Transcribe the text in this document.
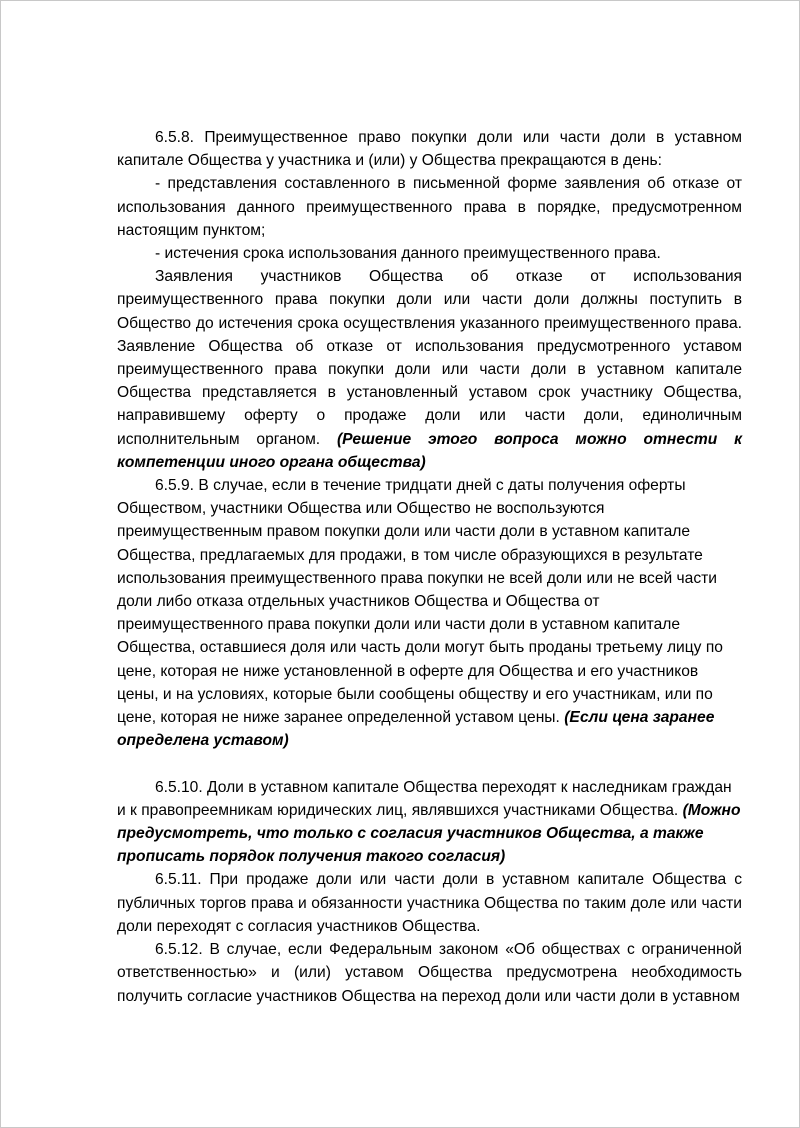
6.5.8. Преимущественное право покупки доли или части доли в уставном капитале Общества у участника и (или) у Общества прекращаются в день:

- представления составленного в письменной форме заявления об отказе от использования данного преимущественного права в порядке, предусмотренном настоящим пунктом;

- истечения срока использования данного преимущественного права.

Заявления участников Общества об отказе от использования преимущественного права покупки доли или части доли должны поступить в Общество до истечения срока осуществления указанного преимущественного права. Заявление Общества об отказе от использования предусмотренного уставом преимущественного права покупки доли или части доли в уставном капитале Общества представляется в установленный уставом срок участнику Общества, направившему оферту о продаже доли или части доли, единоличным исполнительным органом. (Решение этого вопроса можно отнести к компетенции иного органа общества)

6.5.9. В случае, если в течение тридцати дней с даты получения оферты Обществом, участники Общества или Общество не воспользуются преимущественным правом покупки доли или части доли в уставном капитале Общества, предлагаемых для продажи, в том числе образующихся в результате использования преимущественного права покупки не всей доли или не всей части доли либо отказа отдельных участников Общества и Общества от преимущественного права покупки доли или части доли в уставном капитале Общества, оставшиеся доля или часть доли могут быть проданы третьему лицу по цене, которая не ниже установленной в оферте для Общества и его участников цены, и на условиях, которые были сообщены обществу и его участникам, или по цене, которая не ниже заранее определенной уставом цены. (Если цена заранее определена уставом)

6.5.10. Доли в уставном капитале Общества переходят к наследникам граждан и к правопреемникам юридических лиц, являвшихся участниками Общества. (Можно предусмотреть, что только с согласия участников Общества, а также прописать порядок получения такого согласия)

6.5.11. При продаже доли или части доли в уставном капитале Общества с публичных торгов права и обязанности участника Общества по таким доле или части доли переходят с согласия участников Общества.

6.5.12. В случае, если Федеральным законом «Об обществах с ограниченной ответственностью» и (или) уставом Общества предусмотрена необходимость получить согласие участников Общества на переход доли или части доли в уставном
